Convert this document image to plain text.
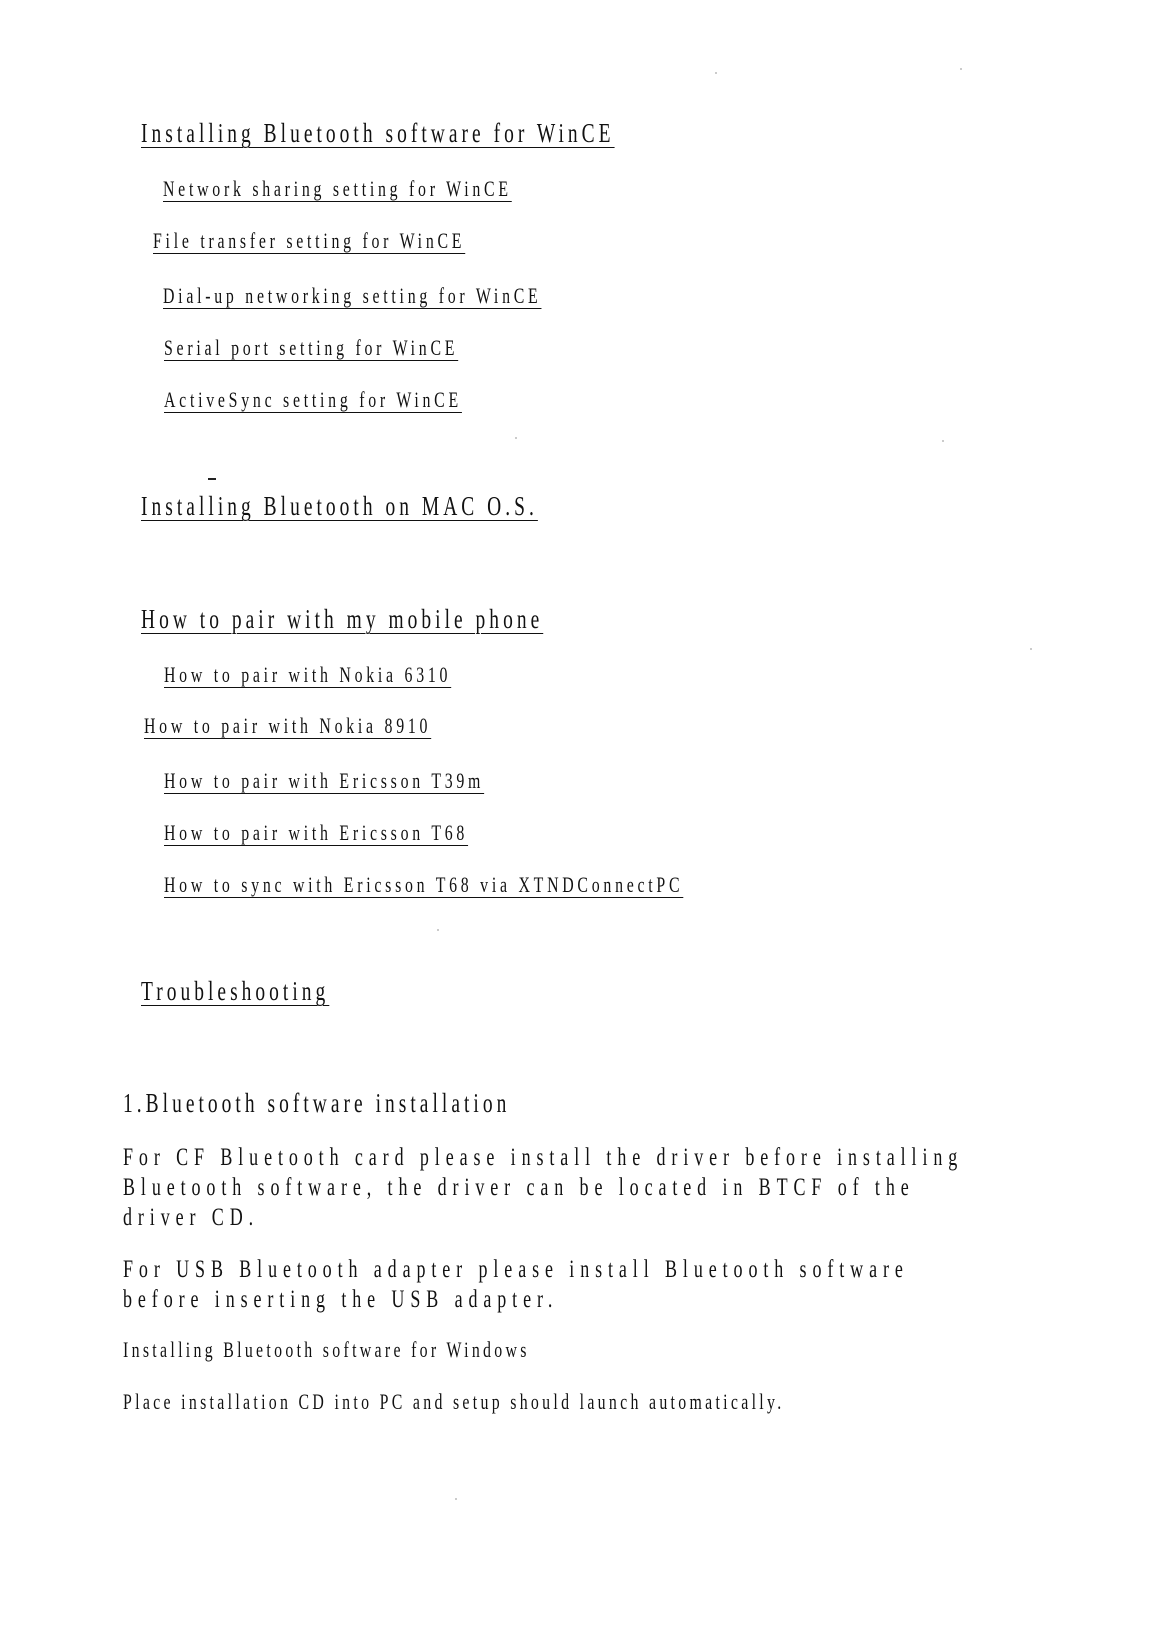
Installing Bluetooth software for WinCE
Network sharing setting for WinCE
File transfer setting for WinCE
Dial-up networking setting for WinCE
Serial port setting for WinCE
ActiveSync setting for WinCE
Installing Bluetooth on MAC O.S.
How to pair with my mobile phone
How to pair with Nokia 6310
How to pair with Nokia 8910
How to pair with Ericsson T39m
How to pair with Ericsson T68
How to sync with Ericsson T68 via XTNDConnectPC
Troubleshooting
1.Bluetooth software installation
For CF Bluetooth card please install the driver before installing Bluetooth software, the driver can be located in BTCF of the driver CD.
For USB Bluetooth adapter please install Bluetooth software before inserting the USB adapter.
Installing Bluetooth software for Windows
Place installation CD into PC and setup should launch automatically.
